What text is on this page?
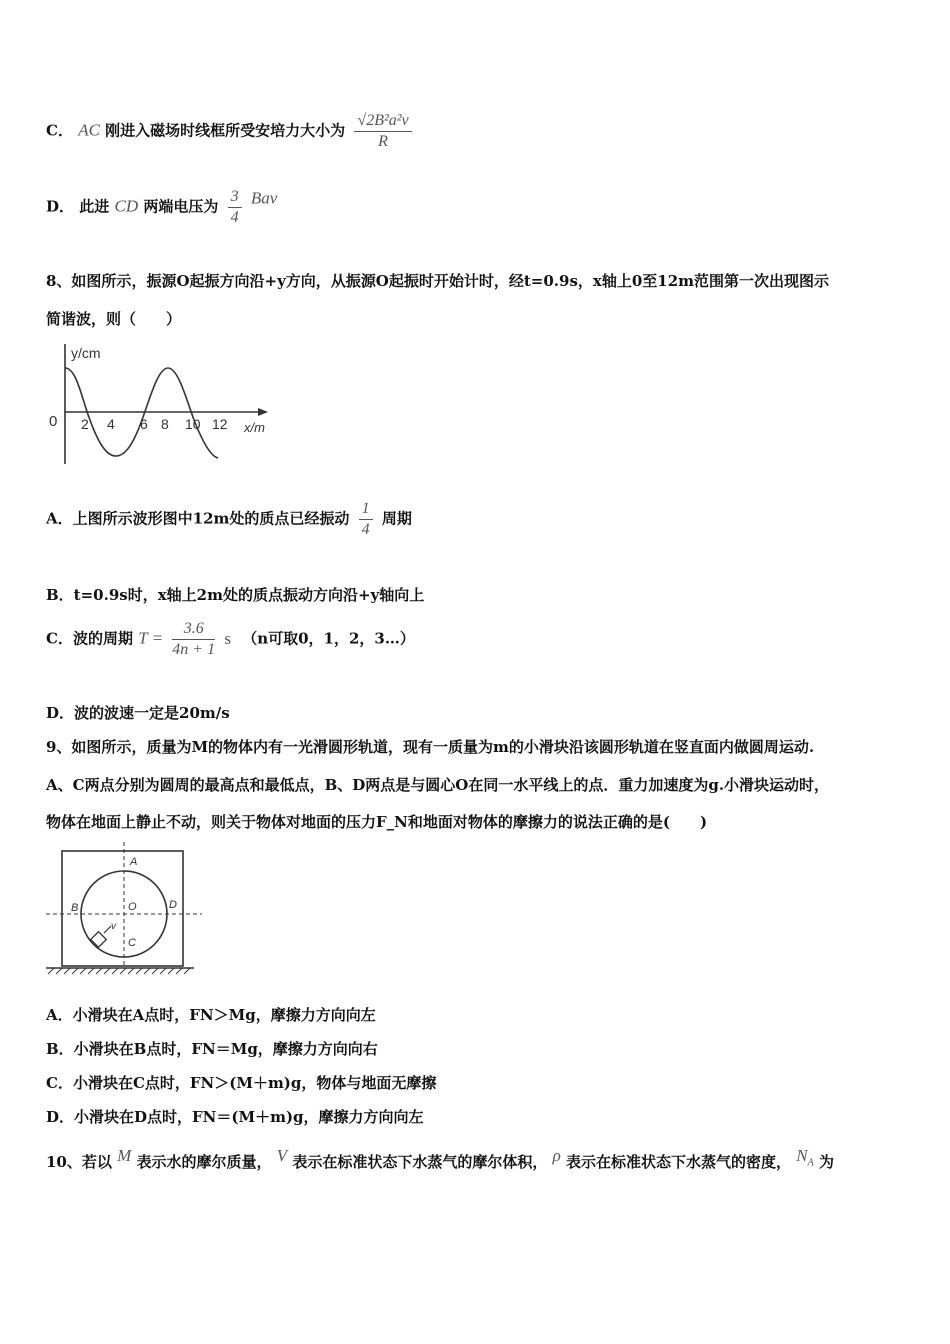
C． AC 刚进入磁场时线框所受安培力大小为 $\frac{\text{√2B²a²v}}{R}$
D． 此进 CD 两端电压为 $\frac{3}{4}$ Bav
8、如图所示，振源O起振方向沿+y方向，从振源O起振时开始计时，经t=0.9s，x轴上0至12m范围第一次出现图示
简谐波，则（　　）
y/cm
x/m
0 2 4 6 8 10 12
A．上图所示波形图中12m处的质点已经振动 $\frac{1}{4}$ 周期
B．t=0.9s时，x轴上2m处的质点振动方向沿+y轴向上
C．波的周期 $T = \frac{3.6}{4n + 1}$ s （n可取0，1，2，3…）
D．波的波速一定是20m/s
9、如图所示，质量为M的物体内有一光滑圆形轨道，现有一质量为m的小滑块沿该圆形轨道在竖直面内做圆周运动.
A、C两点分别为圆周的最高点和最低点，B、D两点是与圆心O在同一水平线上的点．重力加速度为g.小滑块运动时，
物体在地面上静止不动，则关于物体对地面的压力F_N和地面对物体的摩擦力的说法正确的是(　　)
A
B	O	D
C
v
A．小滑块在A点时，FN＞Mg，摩擦力方向向左
B．小滑块在B点时，FN＝Mg，摩擦力方向向右
C．小滑块在C点时，FN＞(M＋m)g，物体与地面无摩擦
D．小滑块在D点时，FN＝(M＋m)g，摩擦力方向向左
10、若以 M 表示水的摩尔质量， V 表示在标准状态下水蒸气的摩尔体积， ρ 表示在标准状态下水蒸气的密度， $N_A$ 为
